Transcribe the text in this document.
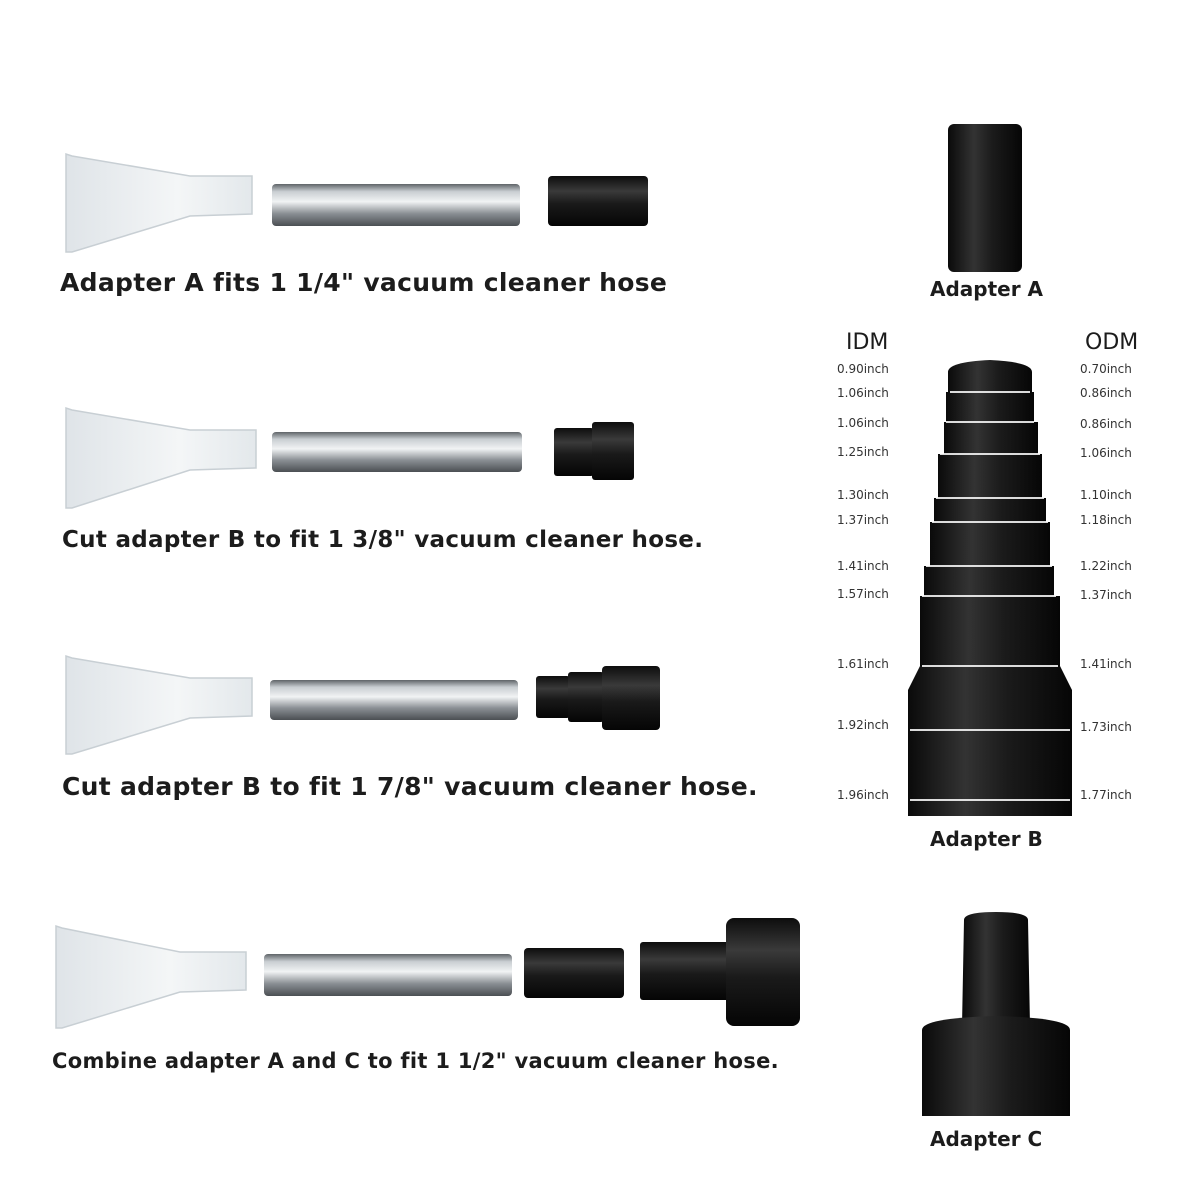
Adapter A fits 1 1/4" vacuum cleaner hose
Cut adapter B to fit 1 3/8" vacuum cleaner hose.
Cut adapter B to fit 1 7/8" vacuum cleaner hose.
Combine adapter A and C to fit 1 1/2" vacuum cleaner hose.
Adapter A
Adapter B
Adapter C
IDM	ODM
0.90inch
1.06inch
1.06inch
1.25inch
1.30inch
1.37inch
1.41inch
1.57inch
1.61inch
1.92inch
1.96inch
0.70inch
0.86inch
0.86inch
1.06inch
1.10inch
1.18inch
1.22inch
1.37inch
1.41inch
1.73inch
1.77inch
